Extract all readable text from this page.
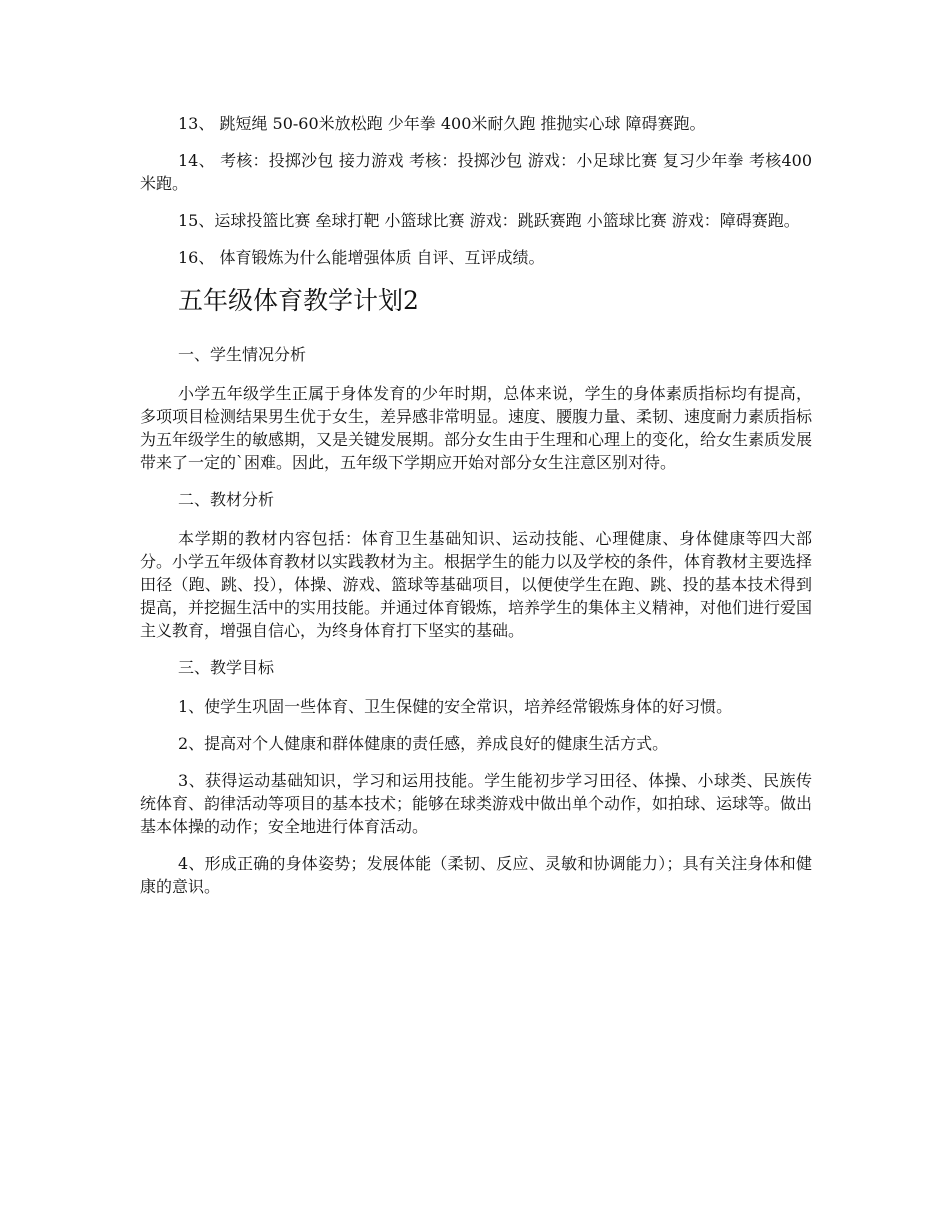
13、 跳短绳 50-60米放松跑 少年拳 400米耐久跑 推抛实心球 障碍赛跑。

14、 考核：投掷沙包 接力游戏 考核：投掷沙包 游戏：小足球比赛 复习少年拳 考核400米跑。

15、运球投篮比赛 垒球打靶 小篮球比赛 游戏：跳跃赛跑 小篮球比赛 游戏：障碍赛跑。

16、 体育锻炼为什么能增强体质 自评、互评成绩。

五年级体育教学计划2

一、学生情况分析

小学五年级学生正属于身体发育的少年时期，总体来说，学生的身体素质指标均有提高，多项项目检测结果男生优于女生，差异感非常明显。速度、腰腹力量、柔韧、速度耐力素质指标为五年级学生的敏感期，又是关键发展期。部分女生由于生理和心理上的变化，给女生素质发展带来了一定的`困难。因此，五年级下学期应开始对部分女生注意区别对待。

二、教材分析

本学期的教材内容包括：体育卫生基础知识、运动技能、心理健康、身体健康等四大部分。小学五年级体育教材以实践教材为主。根据学生的能力以及学校的条件，体育教材主要选择田径（跑、跳、投），体操、游戏、篮球等基础项目，以便使学生在跑、跳、投的基本技术得到提高，并挖掘生活中的实用技能。并通过体育锻炼，培养学生的集体主义精神，对他们进行爱国主义教育，增强自信心，为终身体育打下坚实的基础。

三、教学目标

1、使学生巩固一些体育、卫生保健的安全常识，培养经常锻炼身体的好习惯。

2、提高对个人健康和群体健康的责任感，养成良好的健康生活方式。

3、获得运动基础知识，学习和运用技能。学生能初步学习田径、体操、小球类、民族传统体育、韵律活动等项目的基本技术；能够在球类游戏中做出单个动作，如拍球、运球等。做出基本体操的动作；安全地进行体育活动。

4、形成正确的身体姿势；发展体能（柔韧、反应、灵敏和协调能力）；具有关注身体和健康的意识。
